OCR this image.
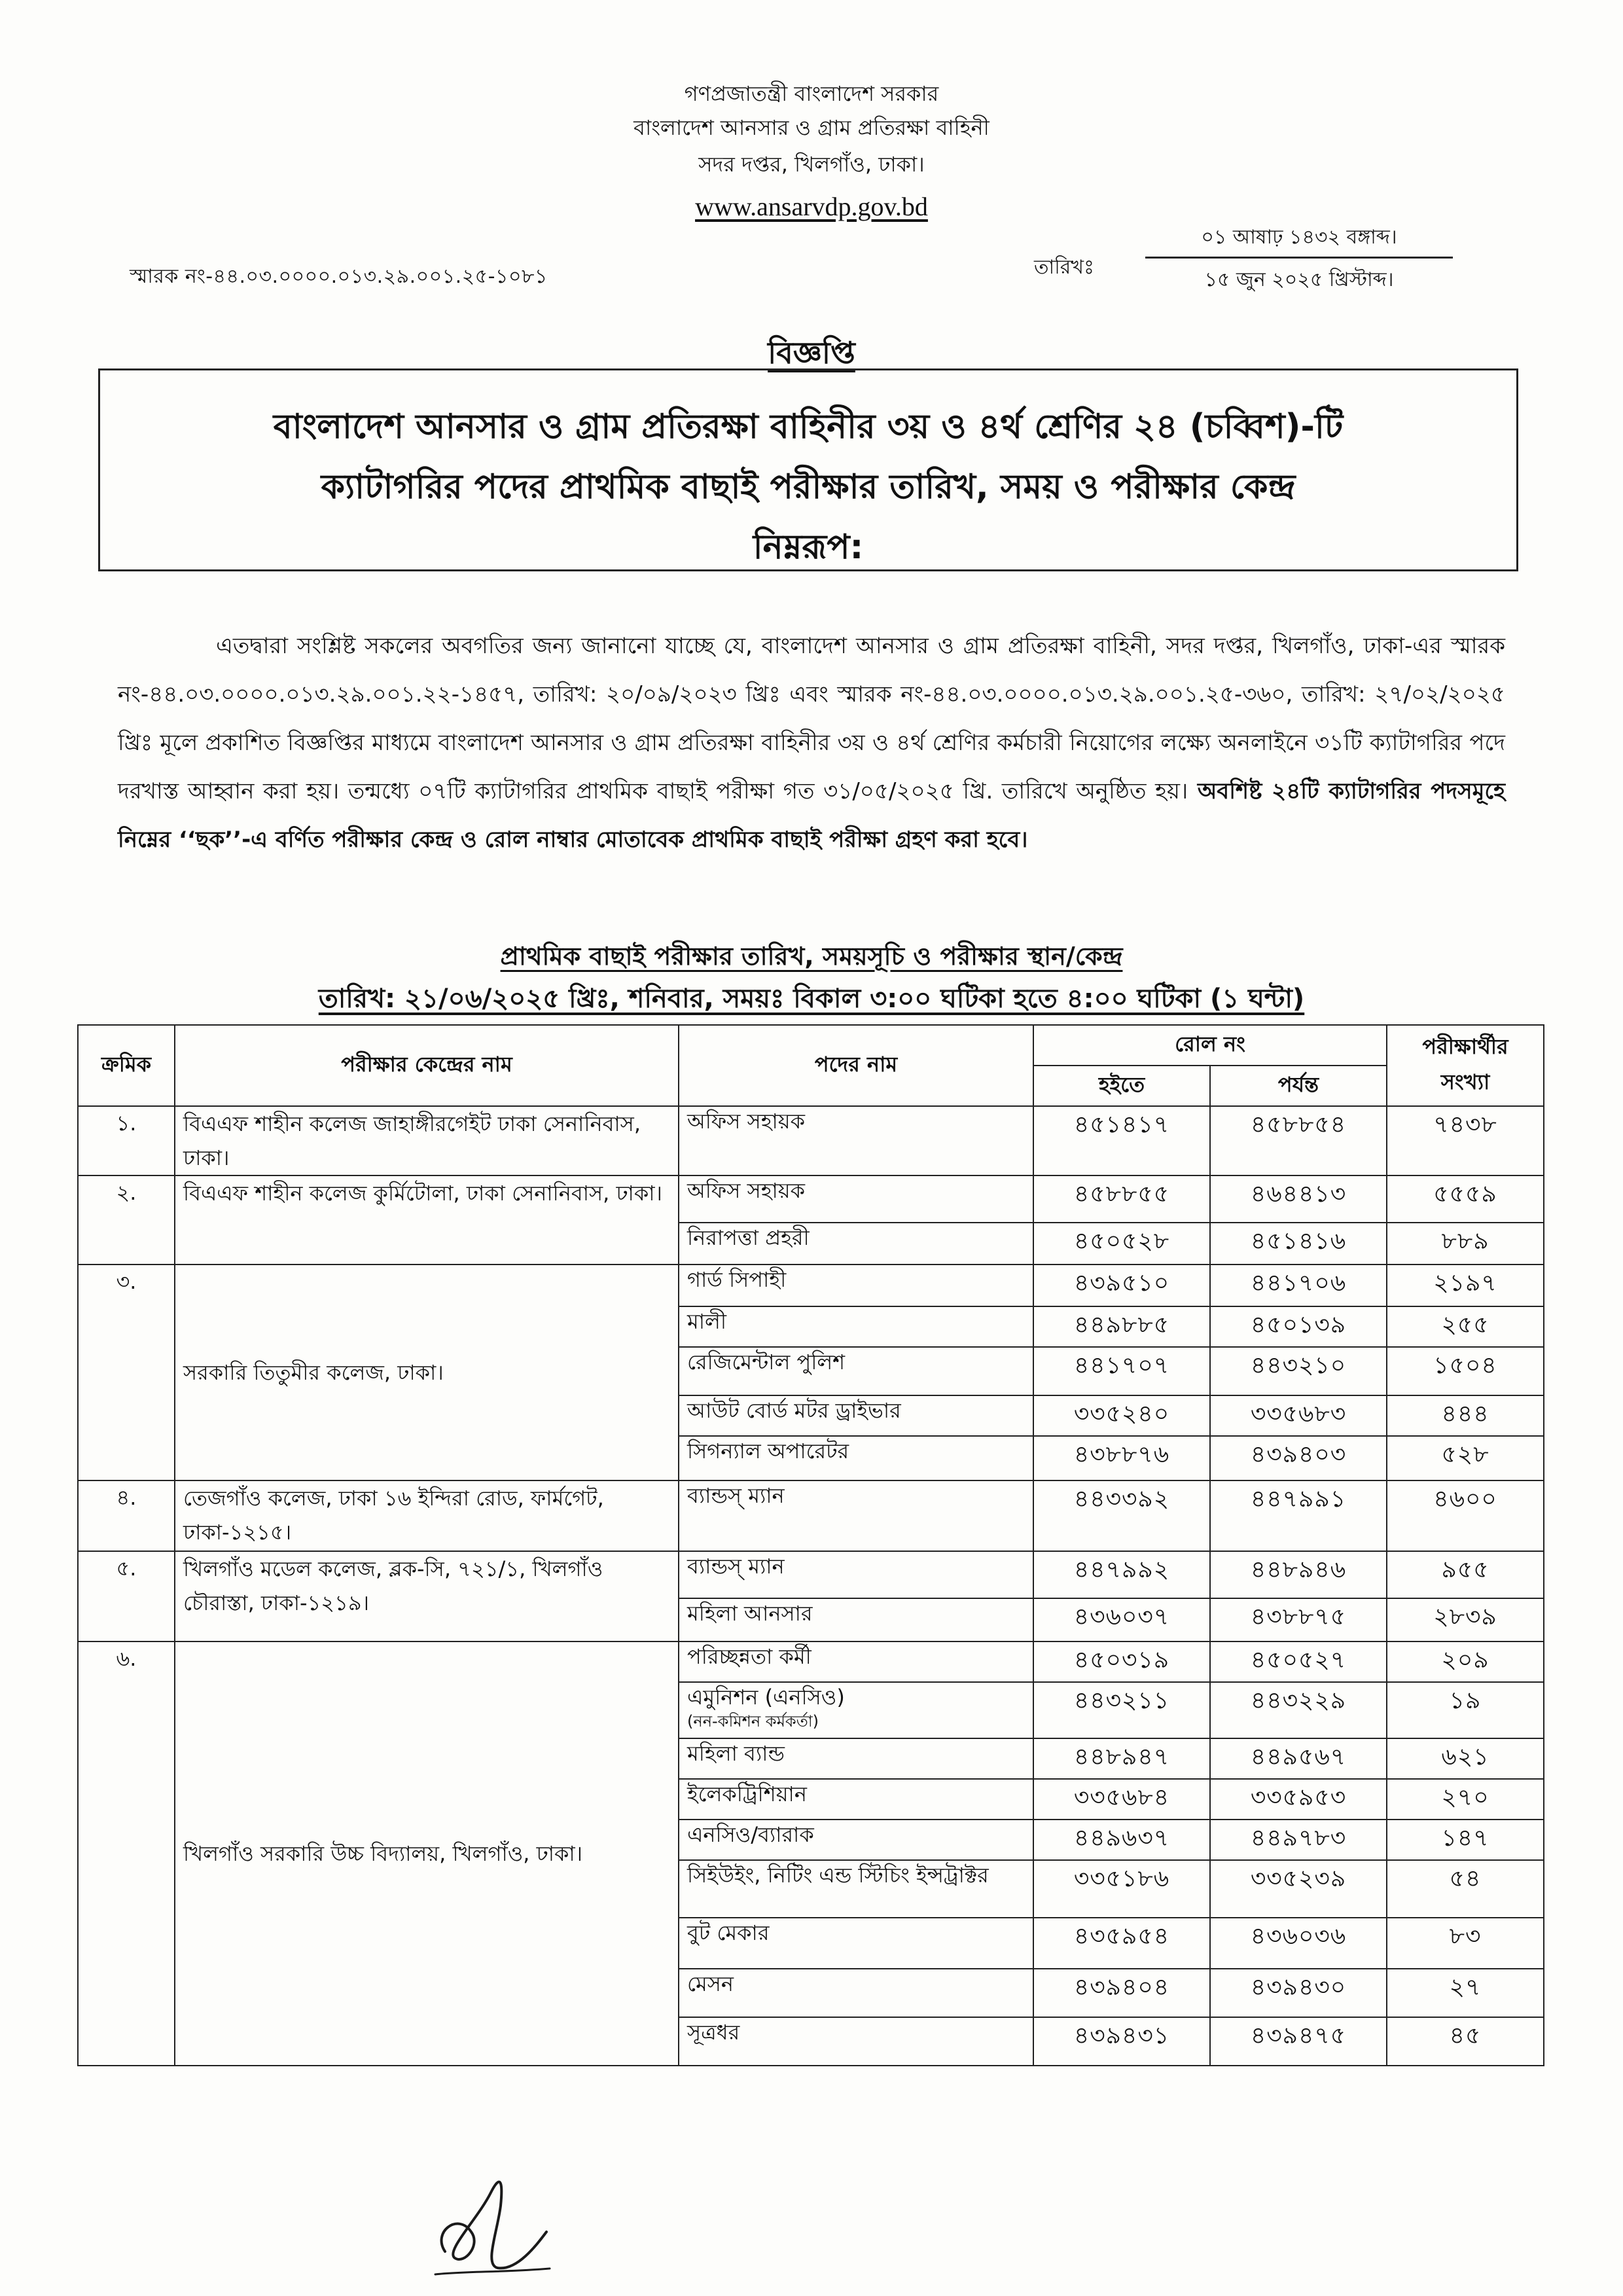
গণপ্রজাতন্ত্রী বাংলাদেশ সরকার
বাংলাদেশ আনসার ও গ্রাম প্রতিরক্ষা বাহিনী
সদর দপ্তর, খিলগাঁও, ঢাকা।
www.ansarvdp.gov.bd
স্মারক নং-৪৪.০৩.০০০০.০১৩.২৯.০০১.২৫-১০৮১	তারিখঃ
০১ আষাঢ় ১৪৩২ বঙ্গাব্দ।
১৫ জুন ২০২৫ খ্রিস্টাব্দ।
বিজ্ঞপ্তি
বাংলাদেশ আনসার ও গ্রাম প্রতিরক্ষা বাহিনীর ৩য় ও ৪র্থ শ্রেণির ২৪ (চব্বিশ)-টি
ক্যাটাগরির পদের প্রাথমিক বাছাই পরীক্ষার তারিখ, সময় ও পরীক্ষার কেন্দ্র
নিম্নরূপ:
এতদ্বারা সংশ্লিষ্ট সকলের অবগতির জন্য জানানো যাচ্ছে যে, বাংলাদেশ আনসার ও গ্রাম প্রতিরক্ষা বাহিনী, সদর দপ্তর, খিলগাঁও, ঢাকা-এর স্মারক নং-৪৪.০৩.০০০০.০১৩.২৯.০০১.২২-১৪৫৭, তারিখ: ২০/০৯/২০২৩ খ্রিঃ এবং স্মারক নং-৪৪.০৩.০০০০.০১৩.২৯.০০১.২৫-৩৬০, তারিখ: ২৭/০২/২০২৫ খ্রিঃ মূলে প্রকাশিত বিজ্ঞপ্তির মাধ্যমে বাংলাদেশ আনসার ও গ্রাম প্রতিরক্ষা বাহিনীর ৩য় ও ৪র্থ শ্রেণির কর্মচারী নিয়োগের লক্ষ্যে অনলাইনে ৩১টি ক্যাটাগরির পদে দরখাস্ত আহ্বান করা হয়। তন্মধ্যে ০৭টি ক্যাটাগরির প্রাথমিক বাছাই পরীক্ষা গত ৩১/০৫/২০২৫ খ্রি. তারিখে অনুষ্ঠিত হয়। অবশিষ্ট ২৪টি ক্যাটাগরির পদসমূহে নিম্নের ‘‘ছক’’-এ বর্ণিত পরীক্ষার কেন্দ্র ও রোল নাম্বার মোতাবেক প্রাথমিক বাছাই পরীক্ষা গ্রহণ করা হবে।
প্রাথমিক বাছাই পরীক্ষার তারিখ, সময়সূচি ও পরীক্ষার স্থান/কেন্দ্র
তারিখ: ২১/০৬/২০২৫ খ্রিঃ, শনিবার, সময়ঃ বিকাল ৩:০০ ঘটিকা হতে ৪:০০ ঘটিকা (১ ঘন্টা)
ক্রমিক	পরীক্ষার কেন্দ্রের নাম	পদের নাম	রোল নং		পরীক্ষার্থীর সংখ্যা
			হইতে	পর্যন্ত	
১.	বিএএফ শাহীন কলেজ জাহাঙ্গীরগেইট ঢাকা সেনানিবাস, ঢাকা।	অফিস সহায়ক	৪৫১৪১৭	৪৫৮৮৫৪	৭৪৩৮
২.	বিএএফ শাহীন কলেজ কুর্মিটোলা, ঢাকা সেনানিবাস, ঢাকা।	অফিস সহায়ক	৪৫৮৮৫৫	৪৬৪৪১৩	৫৫৫৯
		নিরাপত্তা প্রহরী	৪৫০৫২৮	৪৫১৪১৬	৮৮৯
৩.	সরকারি তিতুমীর কলেজ, ঢাকা।	গার্ড সিপাহী	৪৩৯৫১০	৪৪১৭০৬	২১৯৭
		মালী	৪৪৯৮৮৫	৪৫০১৩৯	২৫৫
		রেজিমেন্টাল পুলিশ	৪৪১৭০৭	৪৪৩২১০	১৫০৪
		আউট বোর্ড মটর ড্রাইভার	৩৩৫২৪০	৩৩৫৬৮৩	৪৪৪
		সিগন্যাল অপারেটর	৪৩৮৮৭৬	৪৩৯৪০৩	৫২৮
৪.	তেজগাঁও কলেজ, ঢাকা ১৬ ইন্দিরা রোড, ফার্মগেট, ঢাকা-১২১৫।	ব্যান্ডস্ ম্যান	৪৪৩৩৯২	৪৪৭৯৯১	৪৬০০
৫.	খিলগাঁও মডেল কলেজ, ব্লক-সি, ৭২১/১, খিলগাঁও চৌরাস্তা, ঢাকা-১২১৯।	ব্যান্ডস্ ম্যান	৪৪৭৯৯২	৪৪৮৯৪৬	৯৫৫
		মহিলা আনসার	৪৩৬০৩৭	৪৩৮৮৭৫	২৮৩৯
৬.	খিলগাঁও সরকারি উচ্চ বিদ্যালয়, খিলগাঁও, ঢাকা।	পরিচ্ছন্নতা কর্মী	৪৫০৩১৯	৪৫০৫২৭	২০৯
		এমুনিশন (এনসিও)
(নন-কমিশন কর্মকর্তা)	৪৪৩২১১	৪৪৩২২৯	১৯
		মহিলা ব্যান্ড	৪৪৮৯৪৭	৪৪৯৫৬৭	৬২১
		ইলেকট্রিশিয়ান	৩৩৫৬৮৪	৩৩৫৯৫৩	২৭০
		এনসিও/ব্যারাক	৪৪৯৬৩৭	৪৪৯৭৮৩	১৪৭
		সিইউইং, নিটিং এন্ড স্টিচিং ইন্সট্রাক্টর	৩৩৫১৮৬	৩৩৫২৩৯	৫৪
		বুট মেকার	৪৩৫৯৫৪	৪৩৬০৩৬	৮৩
		মেসন	৪৩৯৪০৪	৪৩৯৪৩০	২৭
		সূত্রধর	৪৩৯৪৩১	৪৩৯৪৭৫	৪৫
